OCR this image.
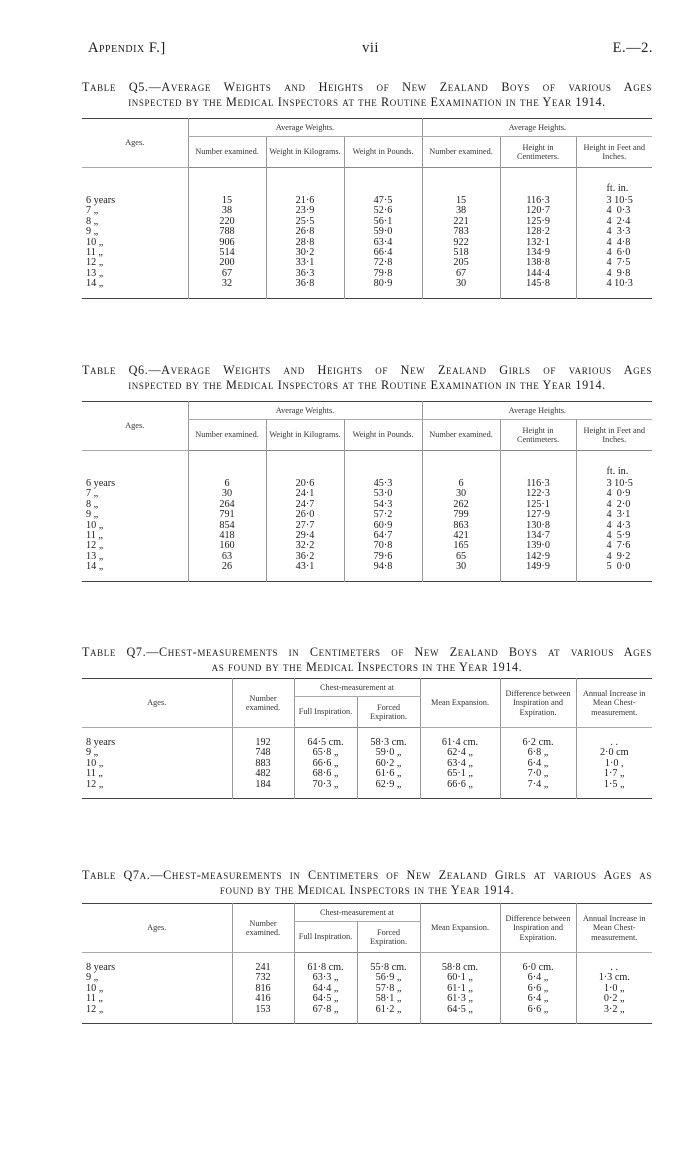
Appendix F.]	vii	E.—2.
Table Q5.—Average Weights and Heights of New Zealand Boys of various Ages
inspected by the Medical Inspectors at the Routine Examination in the Year 1914.
Ages.	Average Weights.			Average Heights.		
	Number examined.	Weight in Kilograms.	Weight in Pounds.	Number examined.	Height in Centimeters.	Height in Feet and Inches.
						ft. in.
6 years	15	21·6	47·5	15	116·3	3 10·5
7 „	38	23·9	52·6	38	120·7	4  0·3
8 „	220	25·5	56·1	221	125·9	4  2·4
9 „	788	26·8	59·0	783	128·2	4  3·3
10 „	906	28·8	63·4	922	132·1	4  4·8
11 „	514	30·2	66·4	518	134·9	4  6·0
12 „	200	33·1	72·8	205	138·8	4  7·5
13 „	67	36·3	79·8	67	144·4	4  9·8
14 „	32	36·8	80·9	30	145·8	4 10·3
Table Q6.—Average Weights and Heights of New Zealand Girls of various Ages
inspected by the Medical Inspectors at the Routine Examination in the Year 1914.
Ages.	Average Weights.			Average Heights.		
	Number examined.	Weight in Kilograms.	Weight in Pounds.	Number examined.	Height in Centimeters.	Height in Feet and Inches.
						ft. in.
6 years	6	20·6	45·3	6	116·3	3 10·5
7 „	30	24·1	53·0	30	122·3	4  0·9
8 „	264	24·7	54·3	262	125·1	4  2·0
9 „	791	26·0	57·2	799	127·9	4  3·1
10 „	854	27·7	60·9	863	130·8	4  4·3
11 „	418	29·4	64·7	421	134·7	4  5·9
12 „	160	32·2	70·8	165	139·0	4  7·6
13 „	63	36·2	79·6	65	142·9	4  9·2
14 „	26	43·1	94·8	30	149·9	5  0·0
Table Q7.—Chest-measurements in Centimeters of New Zealand Boys at various Ages
as found by the Medical Inspectors in the Year 1914.
Ages.	Number examined.	Chest-measurement at		Mean Expansion.	Difference between Inspiration and Expiration.	Annual Increase in Mean Chest-measurement.
		Full Inspiration.	Forced Expiration.			
8 years	192	64·5 cm.	58·3 cm.	61·4 cm.	6·2 cm.	. .
9 „	748	65·8 „	59·0 „	62·4 „	6·8 „	2·0 cm
10 „	883	66·6 „	60·2 „	63·4 „	6·4 „	1·0 ,
11 „	482	68·6 „	61·6 „	65·1 „	7·0 „	1·7 „
12 „	184	70·3 „	62·9 „	66·6 „	7·4 „	1·5 „
Table Q7a.—Chest-measurements in Centimeters of New Zealand Girls at various Ages as
found by the Medical Inspectors in the Year 1914.
Ages.	Number examined.	Chest-measurement at		Mean Expansion.	Difference between Inspiration and Expiration.	Annual Increase in Mean Chest-measurement.
		Full Inspiration.	Forced Expiration.			
8 years	241	61·8 cm.	55·8 cm.	58·8 cm.	6·0 cm.	. .
9 „	732	63·3 „	56·9 „	60·1 „	6·4 „	1·3 cm.
10 „	816	64·4 „	57·8 „	61·1 „	6·6 „	1·0 „
11 „	416	64·5 „	58·1 „	61·3 „	6·4 „	0·2 „
12 „	153	67·8 „	61·2 „	64·5 „	6·6 „	3·2 „
